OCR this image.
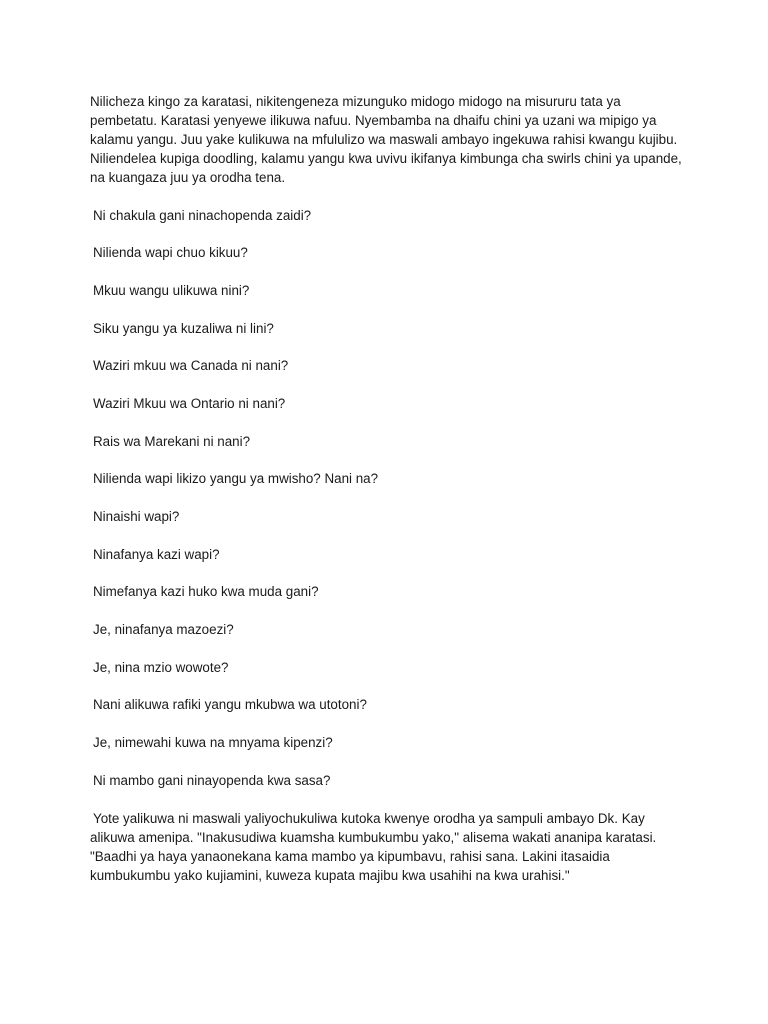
Nilicheza kingo za karatasi, nikitengeneza mizunguko midogo midogo na misururu tata ya pembetatu. Karatasi yenyewe ilikuwa nafuu. Nyembamba na dhaifu chini ya uzani wa mipigo ya kalamu yangu. Juu yake kulikuwa na mfululizo wa maswali ambayo ingekuwa rahisi kwangu kujibu. Niliendelea kupiga doodling, kalamu yangu kwa uvivu ikifanya kimbunga cha swirls chini ya upande, na kuangaza juu ya orodha tena.

Ni chakula gani ninachopenda zaidi?
Nilienda wapi chuo kikuu?
Mkuu wangu ulikuwa nini?
Siku yangu ya kuzaliwa ni lini?
Waziri mkuu wa Canada ni nani?
Waziri Mkuu wa Ontario ni nani?
Rais wa Marekani ni nani?
Nilienda wapi likizo yangu ya mwisho? Nani na?
Ninaishi wapi?
Ninafanya kazi wapi?
Nimefanya kazi huko kwa muda gani?
Je, ninafanya mazoezi?
Je, nina mzio wowote?
Nani alikuwa rafiki yangu mkubwa wa utotoni?
Je, nimewahi kuwa na mnyama kipenzi?
Ni mambo gani ninayopenda kwa sasa?

Yote yalikuwa ni maswali yaliyochukuliwa kutoka kwenye orodha ya sampuli ambayo Dk. Kay alikuwa amenipa. "Inakusudiwa kuamsha kumbukumbu yako," alisema wakati ananipa karatasi. "Baadhi ya haya yanaonekana kama mambo ya kipumbavu, rahisi sana. Lakini itasaidia kumbukumbu yako kujiamini, kuweza kupata majibu kwa usahihi na kwa urahisi."
